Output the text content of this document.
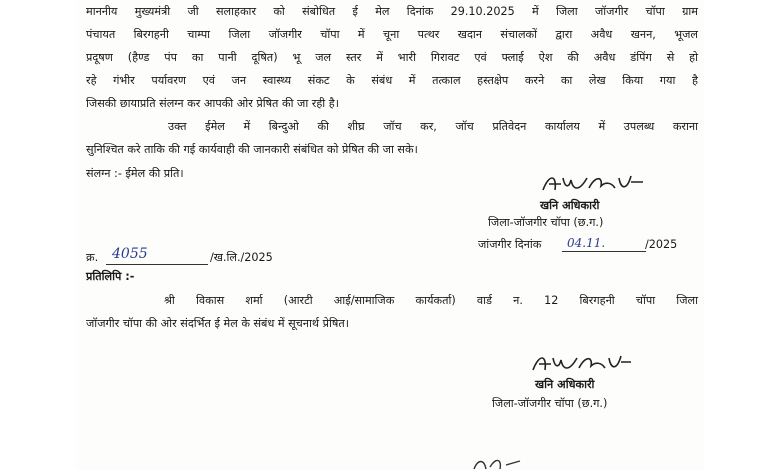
माननीय मुख्यमंत्री जी सलाहकार को संबोधित ई मेल दिनांक 29.10.2025 में जिला जॉजगीर चॉपा ग्राम
पंचायत बिरगहनी चाम्पा जिला जॉजगीर चॉपा में चूना पत्थर खदान संचालकों द्वारा अवैध खनन, भूजल
प्रदूषण (हैण्ड पंप का पानी दूषित) भू जल स्तर में भारी गिरावट एवं फ्लाई ऐश की अवैध डंपिंग से हो
रहे गंभीर पर्यावरण एवं जन स्वास्थ्य संकट के संबंध में तत्काल हस्तक्षेप करने का लेख किया गया है
जिसकी छायाप्रति संलग्न कर आपकी ओर प्रेषित की जा रही है।
उक्त ईमेल में बिन्दुओ की शीघ्र जॉच कर, जॉच प्रतिवेदन कार्यालय में उपलब्ध कराना
सुनिश्चित करे ताकि की गई कार्यवाही की जानकारी संबंधित को प्रेषित की जा सके।
संलग्न :- ईमेल की प्रति।
खनि अधिकारी
जिला-जॉजगीर चॉपा (छ.ग.)
क्र. 4055	/ख.लि./2025
जांजगीर दिनांक 04.11.	/2025
प्रतिलिपि :-
श्री विकास शर्मा (आरटी आई/सामाजिक कार्यकर्ता) वार्ड न. 12 बिरगहनी चॉपा जिला
जॉजगीर चॉपा की ओर संदर्भित ई मेल के संबंध में सूचनार्थ प्रेषित।
खनि अधिकारी
जिला-जॉजगीर चॉपा (छ.ग.)
